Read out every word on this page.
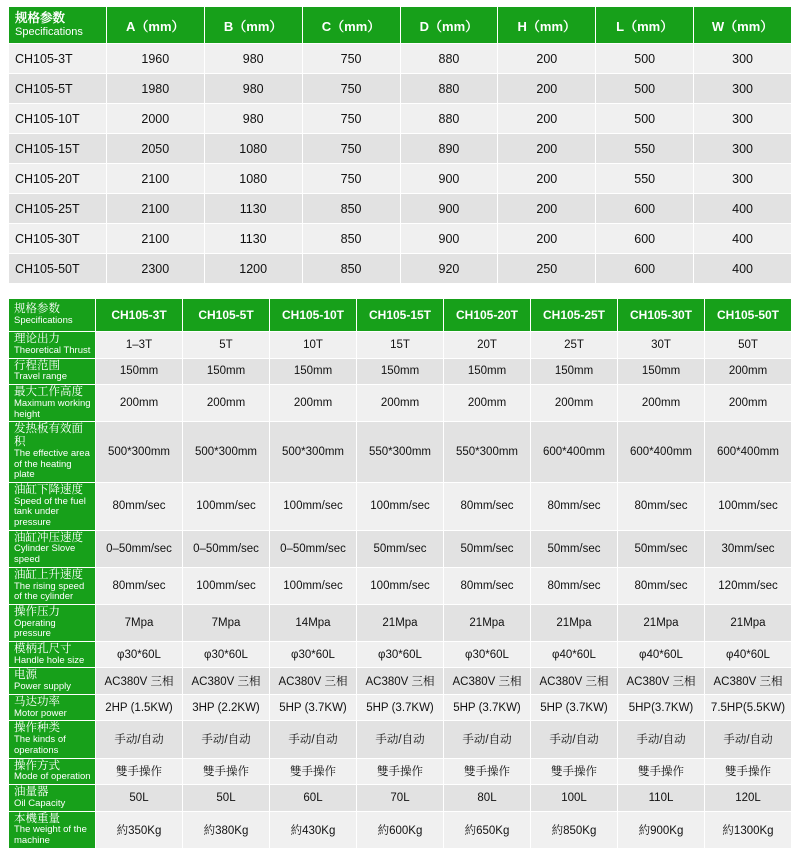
规格参数
Specifications	A（mm）	B（mm）	C（mm）	D（mm）	H（mm）	L（mm）	W（mm）
CH105-3T	1960	980	750	880	200	500	300
CH105-5T	1980	980	750	880	200	500	300
CH105-10T	2000	980	750	880	200	500	300
CH105-15T	2050	1080	750	890	200	550	300
CH105-20T	2100	1080	750	900	200	550	300
CH105-25T	2100	1130	850	900	200	600	400
CH105-30T	2100	1130	850	900	200	600	400
CH105-50T	2300	1200	850	920	250	600	400
规格参数
Specifications	CH105-3T	CH105-5T	CH105-10T	CH105-15T	CH105-20T	CH105-25T	CH105-30T	CH105-50T

理论出力
Theoretical Thrust	1–3T	5T	10T	15T	20T	25T	30T	50T

行程范围
Travel range	150mm	150mm	150mm	150mm	150mm	150mm	150mm	200mm

最大工作高度
Maximum working height	200mm	200mm	200mm	200mm	200mm	200mm	200mm	200mm

发热板有效面积
The effective area of the heating plate	500*300mm	500*300mm	500*300mm	550*300mm	550*300mm	600*400mm	600*400mm	600*400mm

油缸下降速度
Speed of the fuel tank under pressure	80mm/sec	100mm/sec	100mm/sec	100mm/sec	80mm/sec	80mm/sec	80mm/sec	100mm/sec

油缸冲压速度
Cylinder Slove speed	0–50mm/sec	0–50mm/sec	0–50mm/sec	50mm/sec	50mm/sec	50mm/sec	50mm/sec	30mm/sec

油缸上升速度
The rising speed of the cylinder	80mm/sec	100mm/sec	100mm/sec	100mm/sec	80mm/sec	80mm/sec	80mm/sec	120mm/sec

操作压力
Operating pressure	7Mpa	7Mpa	14Mpa	21Mpa	21Mpa	21Mpa	21Mpa	21Mpa

模柄孔尺寸
Handle hole size	φ30*60L	φ30*60L	φ30*60L	φ30*60L	φ30*60L	φ40*60L	φ40*60L	φ40*60L

电源
Power supply	AC380V 三相	AC380V 三相	AC380V 三相	AC380V 三相	AC380V 三相	AC380V 三相	AC380V 三相	AC380V 三相

马达功率
Motor power	2HP (1.5KW)	3HP (2.2KW)	5HP (3.7KW)	5HP (3.7KW)	5HP (3.7KW)	5HP (3.7KW)	5HP(3.7KW)	7.5HP(5.5KW)

操作种类
The kinds of operations	手动/自动	手动/自动	手动/自动	手动/自动	手动/自动	手动/自动	手动/自动	手动/自动

操作方式
Mode of operation	雙手操作	雙手操作	雙手操作	雙手操作	雙手操作	雙手操作	雙手操作	雙手操作

油量器
Oil Capacity	50L	50L	60L	70L	80L	100L	110L	120L

本機重量
The weight of the machine	約350Kg	約380Kg	約430Kg	約600Kg	約650Kg	約850Kg	約900Kg	約1300Kg
